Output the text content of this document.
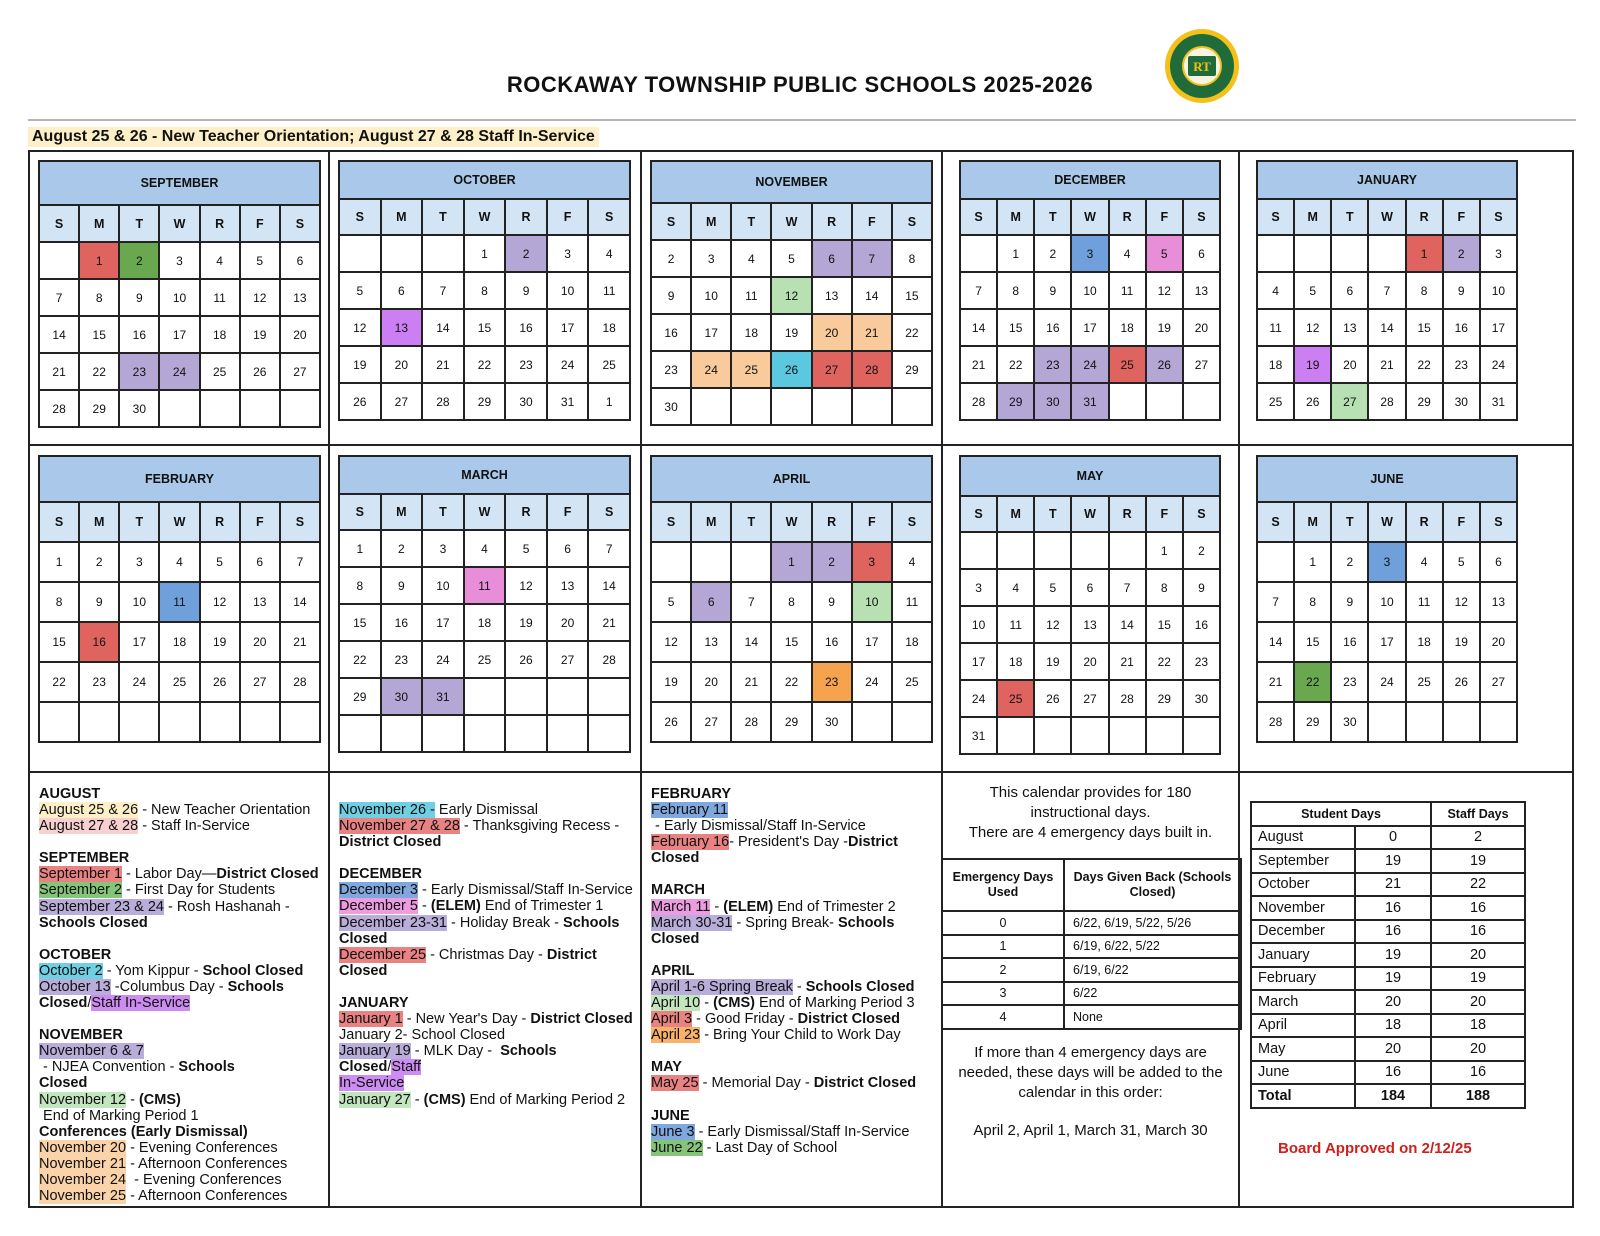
ROCKAWAY TOWNSHIP PUBLIC SCHOOLS 2025-2026
RT
August 25 & 26 - New Teacher Orientation; August 27 & 28 Staff In-Service
SEPTEMBER						
S	M	T	W	R	F	S
	1	2	3	4	5	6
7	8	9	10	11	12	13
14	15	16	17	18	19	20
21	22	23	24	25	26	27
28	29	30				
OCTOBER						
S	M	T	W	R	F	S
			1	2	3	4
5	6	7	8	9	10	11
12	13	14	15	16	17	18
19	20	21	22	23	24	25
26	27	28	29	30	31	1
NOVEMBER						
S	M	T	W	R	F	S
2	3	4	5	6	7	8
9	10	11	12	13	14	15
16	17	18	19	20	21	22
23	24	25	26	27	28	29
30						
DECEMBER						
S	M	T	W	R	F	S
	1	2	3	4	5	6
7	8	9	10	11	12	13
14	15	16	17	18	19	20
21	22	23	24	25	26	27
28	29	30	31			
JANUARY						
S	M	T	W	R	F	S
				1	2	3
4	5	6	7	8	9	10
11	12	13	14	15	16	17
18	19	20	21	22	23	24
25	26	27	28	29	30	31
FEBRUARY						
S	M	T	W	R	F	S
1	2	3	4	5	6	7
8	9	10	11	12	13	14
15	16	17	18	19	20	21
22	23	24	25	26	27	28

MARCH						
S	M	T	W	R	F	S
1	2	3	4	5	6	7
8	9	10	11	12	13	14
15	16	17	18	19	20	21
22	23	24	25	26	27	28
29	30	31				

APRIL						
S	M	T	W	R	F	S
			1	2	3	4
5	6	7	8	9	10	11
12	13	14	15	16	17	18
19	20	21	22	23	24	25
26	27	28	29	30		
MAY						
S	M	T	W	R	F	S
					1	2
3	4	5	6	7	8	9
10	11	12	13	14	15	16
17	18	19	20	21	22	23
24	25	26	27	28	29	30
31						
JUNE						
S	M	T	W	R	F	S
	1	2	3	4	5	6
7	8	9	10	11	12	13
14	15	16	17	18	19	20
21	22	23	24	25	26	27
28	29	30				
AUGUST
August 25 & 26 - New Teacher Orientation
August 27 & 28 - Staff In-Service
SEPTEMBER
September 1 - Labor Day—District Closed
September 2 - First Day for Students
September 23 & 24 - Rosh Hashanah -
Schools Closed
OCTOBER
October 2 - Yom Kippur - School Closed
October 13 -Columbus Day - Schools
Closed/Staff In-Service
NOVEMBER
November 6 & 7 - NJEA Convention - Schools
Closed
November 12 - (CMS) End of Marking Period 1
Conferences (Early Dismissal)
November 20 - Evening Conferences
November 21 - Afternoon Conferences
November 24  - Evening Conferences
November 25 - Afternoon Conferences
November 26 - Early Dismissal
November 27 & 28 - Thanksgiving Recess -
District Closed
DECEMBER
December 3 - Early Dismissal/Staff In-Service
December 5 - (ELEM) End of Trimester 1
December 23-31 - Holiday Break - Schools
Closed
December 25 - Christmas Day - District Closed
JANUARY
January 1 - New Year's Day - District Closed
January 2- School Closed
January 19 - MLK Day -  Schools Closed/Staff
In-Service
January 27 - (CMS) End of Marking Period 2
FEBRUARY
February 11 - Early Dismissal/Staff In-Service
February 16- President's Day -District Closed
MARCH
March 11 - (ELEM) End of Trimester 2
March 30-31 - Spring Break- Schools Closed
APRIL
April 1-6 Spring Break - Schools Closed
April 10 - (CMS) End of Marking Period 3
April 3 - Good Friday - District Closed
April 23 - Bring Your Child to Work Day
MAY
May 25 - Memorial Day - District Closed
JUNE
June 3 - Early Dismissal/Staff In-Service
June 22 - Last Day of School
This calendar provides for 180
instructional days.
There are 4 emergency days built in.
Emergency Days Used	Days Given Back (Schools Closed)
0	6/22, 6/19, 5/22, 5/26
1	6/19, 6/22, 5/22
2	6/19, 6/22
3	6/22
4	None
If more than 4 emergency days are
needed, these days will be added to the
calendar in this order:
April 2, April 1, March 31, March 30
Student Days		Staff Days
August	0	2
September	19	19
October	21	22
November	16	16
December	16	16
January	19	20
February	19	19
March	20	20
April	18	18
May	20	20
June	16	16
Total	184	188
Board Approved on 2/12/25
